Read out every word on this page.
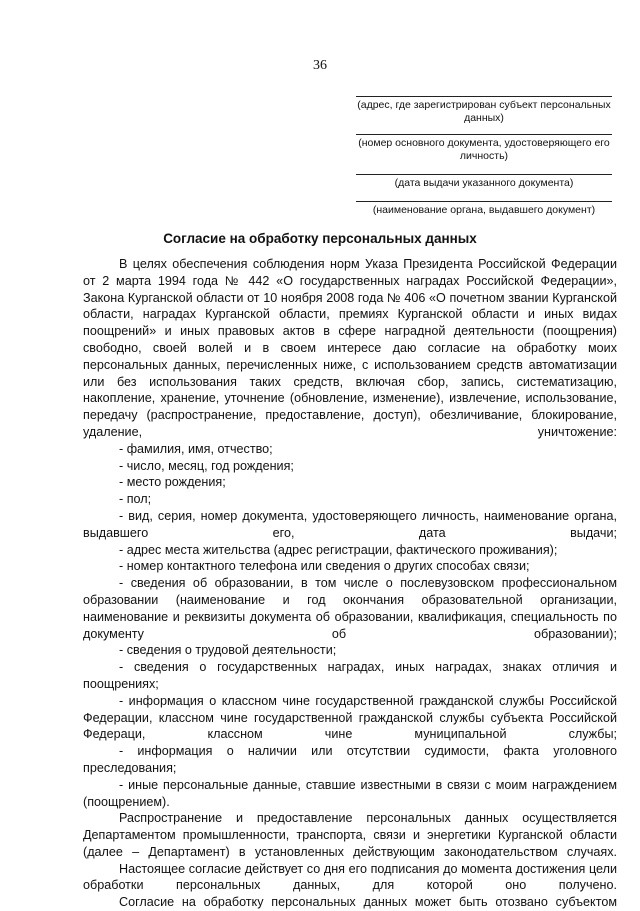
36
(адрес, где зарегистрирован субъект персональных данных)
(номер основного документа, удостоверяющего его личность)
(дата выдачи указанного документа)
(наименование органа, выдавшего документ)
Согласие на обработку персональных данных

В целях обеспечения соблюдения норм Указа Президента Российской Федерации от 2 марта 1994 года № 442 «О государственных наградах Российской Федерации», Закона Курганской области от 10 ноября 2008 года № 406 «О почетном звании Курганской области, наградах Курганской области, премиях Курганской области и иных видах поощрений» и иных правовых актов в сфере наградной деятельности (поощрения) свободно, своей волей и в своем интересе даю согласие на обработку моих персональных данных, перечисленных ниже, с использованием средств автоматизации или без использования таких средств, включая сбор, запись, систематизацию, накопление, хранение, уточнение (обновление, изменение), извлечение, использование, передачу (распространение, предоставление, доступ), обезличивание, блокирование, удаление, уничтожение:

- фамилия, имя, отчество;

- число, месяц, год рождения;

- место рождения;

- пол;

- вид, серия, номер документа, удостоверяющего личность, наименование органа, выдавшего его, дата выдачи;

- адрес места жительства (адрес регистрации, фактического проживания);

- номер контактного телефона или сведения о других способах связи;

- сведения об образовании, в том числе о послевузовском профессиональном образовании (наименование и год окончания образовательной организации, наименование и реквизиты документа об образовании, квалификация, специальность по документу об образовании);

- сведения о трудовой деятельности;

- сведения о государственных наградах, иных наградах, знаках отличия и поощрениях;

- информация о классном чине государственной гражданской службы Российской Федерации, классном чине государственной гражданской службы субъекта Российской Федераци, классном чине муниципальной службы;

- информация о наличии или отсутствии судимости, факта уголовного преследования;

- иные персональные данные, ставшие известными в связи с моим награждением (поощрением).

Распространение и предоставление персональных данных осуществляется Департаментом промышленности, транспорта, связи и энергетики Курганской области (далее – Департамент) в установленных действующим законодательством случаях.

Настоящее согласие действует со дня его подписания до момента достижения цели обработки персональных данных, для которой оно получено.

Согласие на обработку персональных данных может быть отозвано субъектом
